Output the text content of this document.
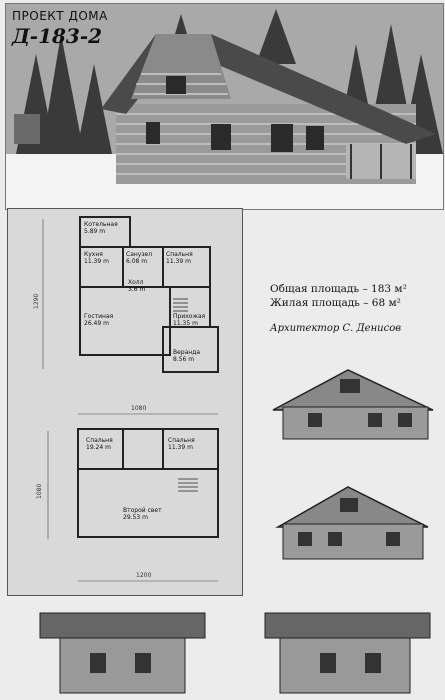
ПРОЕКТ ДОМА
Д-183-2
Котельная
5.89 m
Кухня
11.39 m
Санузел
6.08 m
Спальня
11.39 m
Холл
3.6 m
Гостиная
26.49 m
Прихожая
11.35 m
Веранда
8.56 m
Спальня
19.24 m
Спальня
11.39 m
Второй свет
29.53 m
1290
1080
1080
1200
Общая площадь – 183 м²
Жилая площадь – 68 м²
Архитектор С. Денисов
